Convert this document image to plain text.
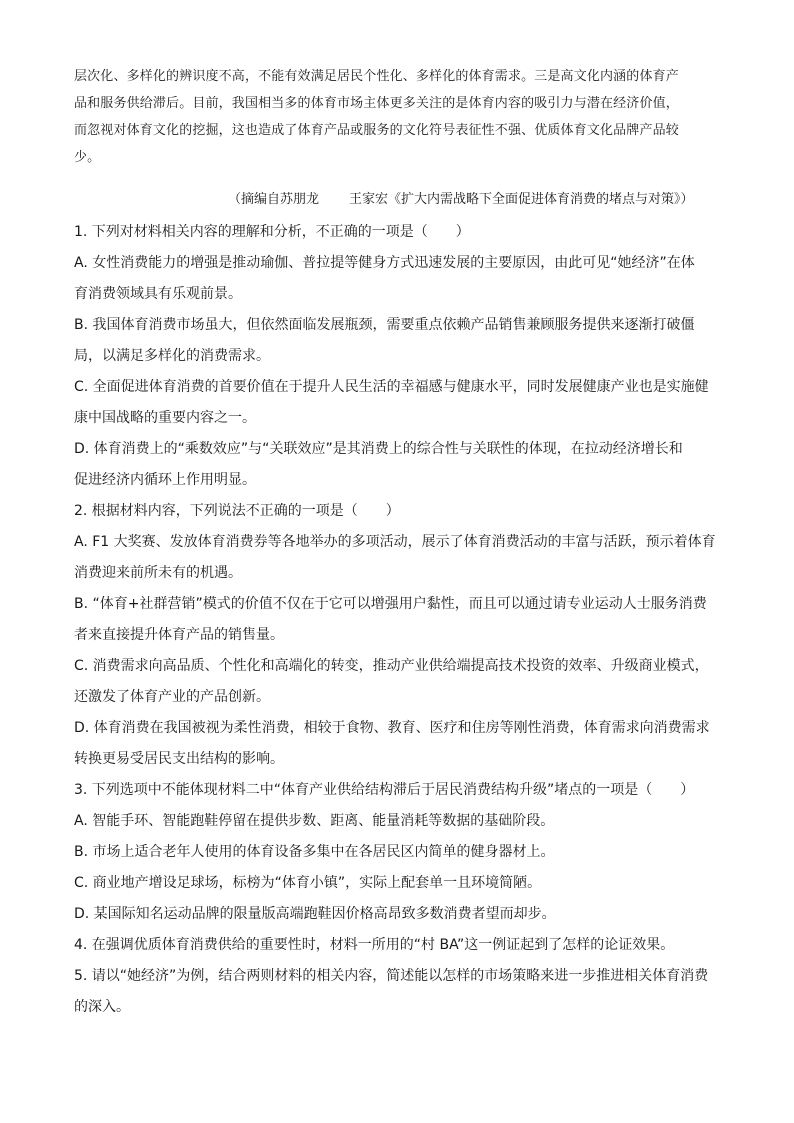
层次化、多样化的辨识度不高，不能有效满足居民个性化、多样化的体育需求。三是高文化内涵的体育产
品和服务供给滞后。目前，我国相当多的体育市场主体更多关注的是体育内容的吸引力与潜在经济价值，
而忽视对体育文化的挖掘，这也造成了体育产品或服务的文化符号表征性不强、优质体育文化品牌产品较
少。
（摘编自苏朋龙 王家宏《扩大内需战略下全面促进体育消费的堵点与对策》）
1. 下列对材料相关内容的理解和分析，不正确的一项是（　　）
A. 女性消费能力的增强是推动瑜伽、普拉提等健身方式迅速发展的主要原因，由此可见“她经济”在体
育消费领域具有乐观前景。
B. 我国体育消费市场虽大，但依然面临发展瓶颈，需要重点依赖产品销售兼顾服务提供来逐渐打破僵
局，以满足多样化的消费需求。
C. 全面促进体育消费的首要价值在于提升人民生活的幸福感与健康水平，同时发展健康产业也是实施健
康中国战略的重要内容之一。
D. 体育消费上的“乘数效应”与“关联效应”是其消费上的综合性与关联性的体现，在拉动经济增长和
促进经济内循环上作用明显。
2. 根据材料内容，下列说法不正确的一项是（　　）
A. F1 大奖赛、发放体育消费券等各地举办的多项活动，展示了体育消费活动的丰富与活跃，预示着体育
消费迎来前所未有的机遇。
B. “体育+社群营销”模式的价值不仅在于它可以增强用户黏性，而且可以通过请专业运动人士服务消费
者来直接提升体育产品的销售量。
C. 消费需求向高品质、个性化和高端化的转变，推动产业供给端提高技术投资的效率、升级商业模式，
还激发了体育产业的产品创新。
D. 体育消费在我国被视为柔性消费，相较于食物、教育、医疗和住房等刚性消费，体育需求向消费需求
转换更易受居民支出结构的影响。
3. 下列选项中不能体现材料二中“体育产业供给结构滞后于居民消费结构升级”堵点的一项是（　　）
A. 智能手环、智能跑鞋停留在提供步数、距离、能量消耗等数据的基础阶段。
B. 市场上适合老年人使用的体育设备多集中在各居民区内简单的健身器材上。
C. 商业地产增设足球场，标榜为“体育小镇”，实际上配套单一且环境简陋。
D. 某国际知名运动品牌的限量版高端跑鞋因价格高昂致多数消费者望而却步。
4. 在强调优质体育消费供给的重要性时，材料一所用的“村 BA”这一例证起到了怎样的论证效果。
5. 请以“她经济”为例，结合两则材料的相关内容，简述能以怎样的市场策略来进一步推进相关体育消费
的深入。
